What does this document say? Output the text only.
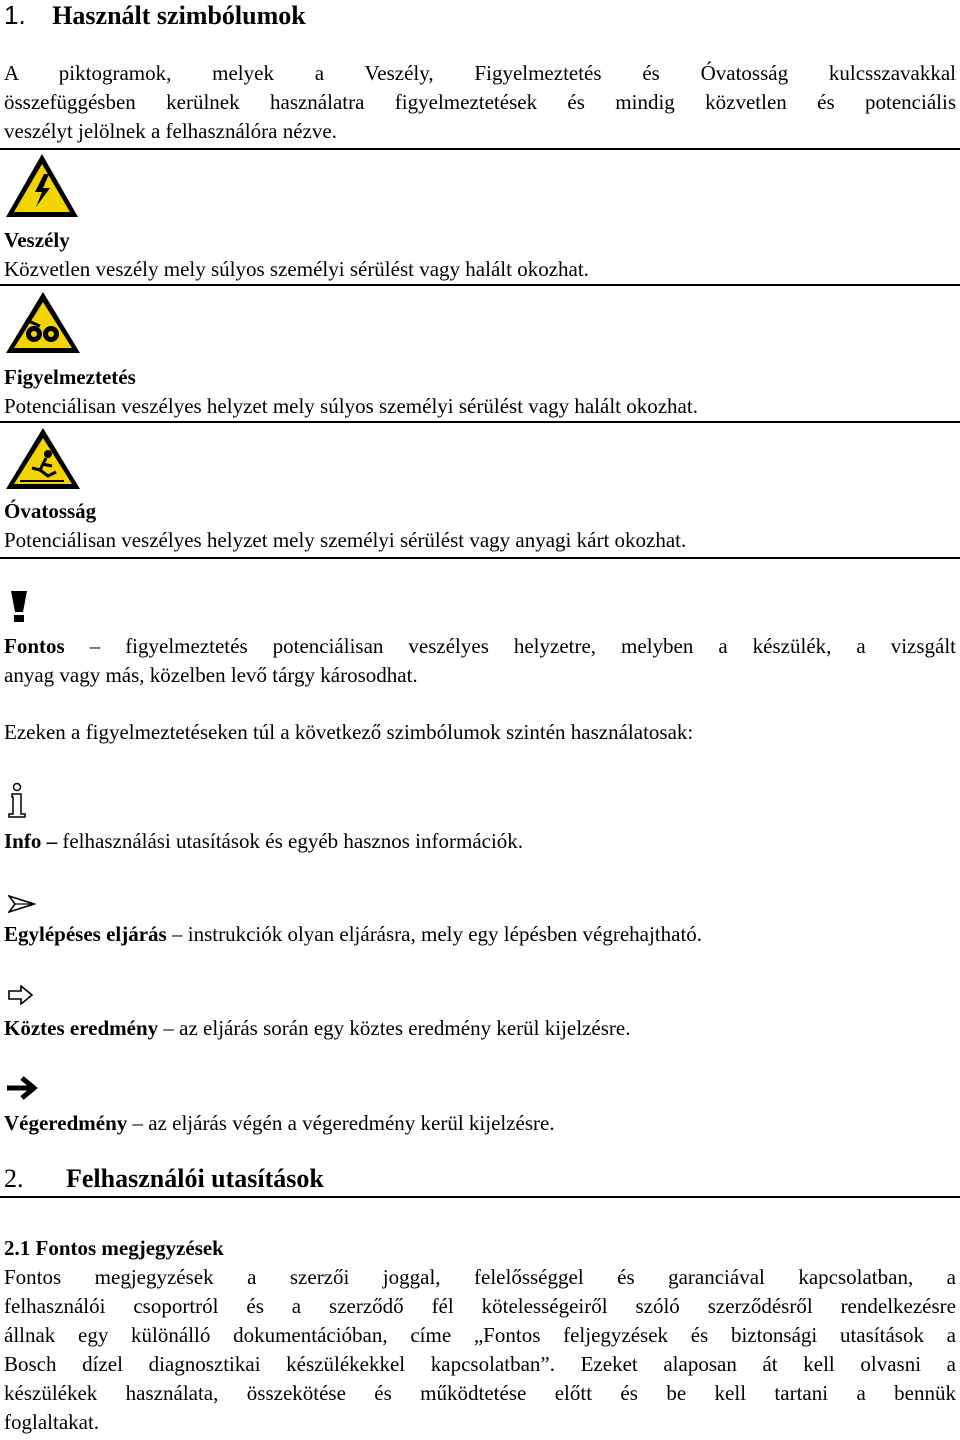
1. Használt szimbólumok

A piktogramok, melyek a Veszély, Figyelmeztetés és Óvatosság kulcsszavakkal

összefüggésben kerülnek használatra figyelmeztetések és mindig közvetlen és potenciális

veszélyt jelölnek a felhasználóra nézve.

Veszély

Közvetlen veszély mely súlyos személyi sérülést vagy halált okozhat.

Figyelmeztetés

Potenciálisan veszélyes helyzet mely súlyos személyi sérülést vagy halált okozhat.

Óvatosság

Potenciálisan veszélyes helyzet mely személyi sérülést vagy anyagi kárt okozhat.

Fontos – figyelmeztetés potenciálisan veszélyes helyzetre, melyben a készülék, a vizsgált

anyag vagy más, közelben levő tárgy károsodhat.

Ezeken a figyelmeztetéseken túl a következő szimbólumok szintén használatosak:

Info – felhasználási utasítások és egyéb hasznos információk.

Egylépéses eljárás – instrukciók olyan eljárásra, mely egy lépésben végrehajtható.

Köztes eredmény – az eljárás során egy köztes eredmény kerül kijelzésre.

Végeredmény – az eljárás végén a végeredmény kerül kijelzésre.

2. Felhasználói utasítások

2.1 Fontos megjegyzések

Fontos megjegyzések a szerzői joggal, felelősséggel és garanciával kapcsolatban, a

felhasználói csoportról és a szerződő fél kötelességeiről szóló szerződésről rendelkezésre

állnak egy különálló dokumentációban, címe „Fontos feljegyzések és biztonsági utasítások a

Bosch dízel diagnosztikai készülékekkel kapcsolatban”. Ezeket alaposan át kell olvasni a

készülékek használata, összekötése és működtetése előtt és be kell tartani a bennük

foglaltakat.
